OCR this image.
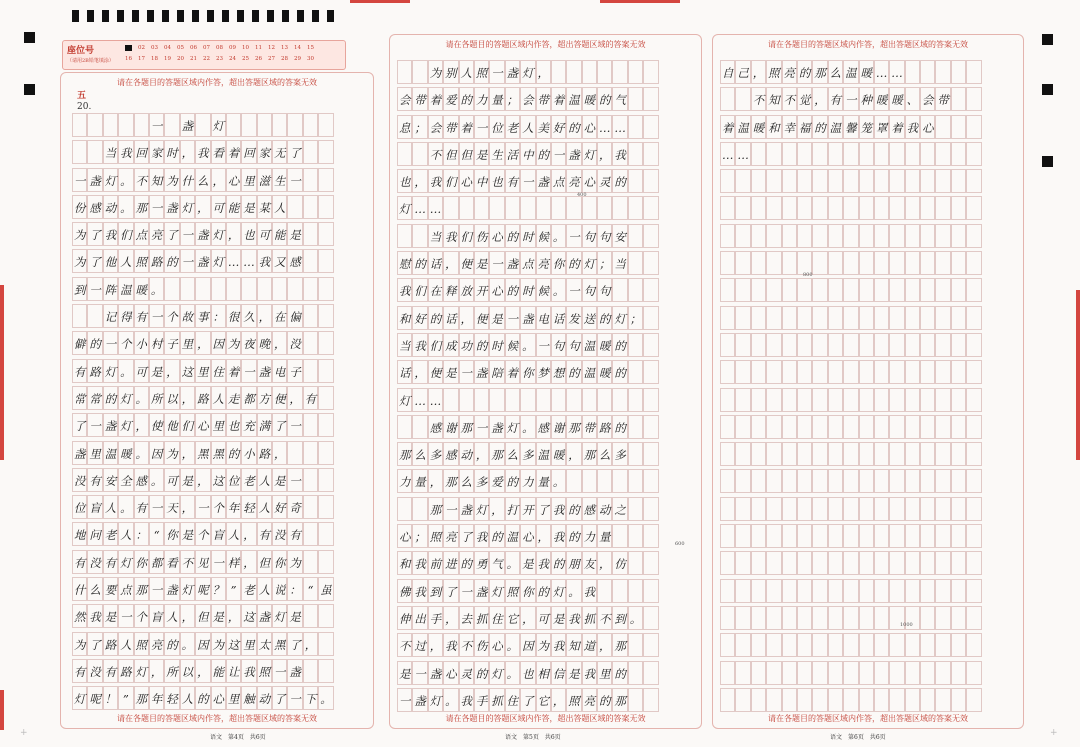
座位号
（请用2B铅笔填涂）
01 02 03 04 05 06 07 08 09 10 11 12 13 14 15
16 17 18 19 20 21 22 23 24 25 26 27 28 29 30
请在各题目的答题区域内作答，超出答题区域的答案无效
五
20.
请在各题目的答题区域内作答，超出答题区域的答案无效
请在各题目的答题区域内作答，超出答题区域的答案无效
请在各题目的答题区域内作答，超出答题区域的答案无效
请在各题目的答题区域内作答，超出答题区域的答案无效
请在各题目的答题区域内作答，超出答题区域的答案无效

一
　 盏
　 灯

当 我 回 家 时 ， 我 看 着 回 家 无 了
一 盏 灯 。 不 知 为 什 么 ， 心 里 滋 生 一
份 感 动 。 那 一 盏 灯 ， 可 能 是 某 人
为 了 我 们 点 亮 了 一 盏 灯 ， 也 可 能 是
为 了 他 人 照 路 的 一 盏 灯 … … 我 又 感
到 一 阵 温 暖 。

记 得 有 一 个 故 事 ： 很 久 ， 在 偏
僻 的 一 个 小 村 子 里 ， 因 为 夜 晚 ， 没
有 路 灯 。 可 是 ， 这 里 住 着 一 盏 电 子
常 常 的 灯 。 所 以 ， 路 人 走 都 方 便 ， 有
了 一 盏 灯 ， 使 他 们 心 里 也 充 满 了 一
盏 里 温 暖 。 因 为 ， 黑 黑 的 小 路 ，
没 有 安 全 感 。 可 是 ， 这 位 老 人 是 一
位 盲 人 。 有 一 天 ， 一 个 年 轻 人 好 奇
地 问 老 人 ： “ 你 是 个 盲 人 ， 有 没 有
有 没 有 灯 你 都 看 不 见 一 样 ， 但 你 为
什 么 要 点 那 一 盏 灯 呢 ？ ” 老 人 说 ： “ 虽
然 我 是 一 个 盲 人 ， 但 是 ， 这 盏 灯 是
为 了 路 人 照 亮 的 。 因 为 这 里 太 黑 了 ，
有 没 有 路 灯 ， 所 以 ， 能 让 我 照 一 盏
灯 呢 ！ ” 那 年 轻 人 的 心 里 触 动 了 一 下 。

为 别 人 照 一 盏 灯 ，
会 带 着 爱 的 力 量 ； 会 带 着 温 暖 的 气
息 ； 会 带 着 一 位 老 人 美 好 的 心 … …

不 但 但 是 生 活 中 的 一 盏 灯 ， 我
也 ， 我 们 心 中 也 有 一 盏 点 亮 心 灵 的
灯 … …

当 我 们 伤 心 的 时 候 。 一 句 句 安
慰 的 话 ， 便 是 一 盏 点 亮 你 的 灯 ； 当
我 们 在 释 放 开 心 的 时 候 。 一 句 句
和 好 的 话 ， 便 是 一 盏 电 话 发 送 的 灯 ；
当 我 们 成 功 的 时 候 。 一 句 句 温 暖 的
话 ， 便 是 一 盏 陪 着 你 梦 想 的 温 暖 的
灯 … …

感 谢 那 一 盏 灯 。 感 谢 那 带 路 的
那 么 多 感 动 ， 那 么 多 温 暖 ， 那 么 多
力 量 ， 那 么 多 爱 的 力 量 。

那 一 盏 灯 ， 打 开 了 我 的 感 动 之
心 ； 照 亮 了 我 的 温 心 ， 我 的 力 量
和 我 前 进 的 勇 气 。 是 我 的 朋 友 ， 仿
佛 我 到 了 一 盏 灯 照 你 的 灯 。 我
伸 出 手 ， 去 抓 住 它 ， 可 是 我 抓 不 到 。
不 过 ， 我 不 伤 心 。 因 为 我 知 道 ， 那
是 一 盏 心 灵 的 灯 。 也 相 信 是 我 里 的
一 盏 灯 。 我 手 抓 住 了 它 ， 照 亮 的 那
自 己 ， 照 亮 的 那 么 温 暖 … …

不 知 不 觉 ， 有 一 种 暖 暖 、 会 带
着 温 暖 和 幸 福 的 温 馨 笼 罩 着 我 心
… …
400
600
800
1000
语文 第4页 共6页	语文 第5页 共6页	语文 第6页 共6页
+	+
